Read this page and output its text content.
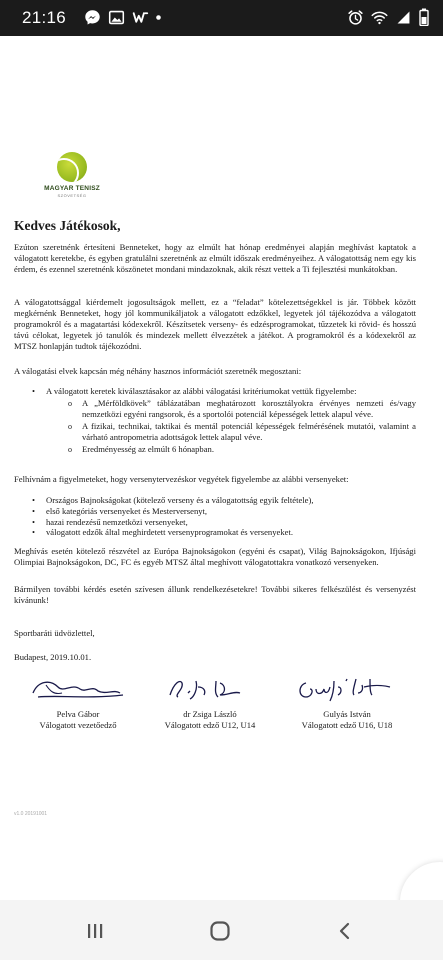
21:16
MAGYAR TENISZ
SZÖVETSÉG
Kedves Játékosok,

Ezúton szeretnénk értesíteni Benneteket, hogy az elmúlt hat hónap eredményei alapján meghívást kaptatok a válogatott keretekbe, és egyben gratulálni szeretnénk az elmúlt időszak eredményeihez. A válogatottság nem egy kis érdem, és ezennel szeretnénk köszönetet mondani mindazoknak, akik részt vettek a Ti fejlesztési munkátokban.

A válogatottsággal kiérdemelt jogosultságok mellett, ez a “feladat” kötelezettségekkel is jár. Többek között megkérnénk Benneteket, hogy jól kommunikáljatok a válogatott edzőkkel, legyetek jól tájékozódva a válogatott programokról és a magatartási kódexekről. Készítsetek verseny- és edzésprogramokat, tűzzetek ki rövid- és hosszú távú célokat, legyetek jó tanulók és mindezek mellett élvezzétek a játékot. A programokról és a kódexekről az MTSZ honlapján tudtok tájékozódni.

A válogatási elvek kapcsán még néhány hasznos információt szeretnék megosztani:

• A válogatott keretek kiválasztásakor az alábbi válogatási kritériumokat vettük figyelembe:
o A „Mérföldkövek” táblázatában meghatározott korosztályokra érvényes nemzeti és/vagy nemzetközi egyéni rangsorok, és a sportolói potenciál képességek lettek alapul véve.
o A fizikai, technikai, taktikai és mentál potenciál képességek felmérésének mutatói, valamint a várható antropometria adottságok lettek alapul véve.
o Eredményesség az elmúlt 6 hónapban.

Felhívnám a figyelmeteket, hogy versenytervezéskor vegyétek figyelembe az alábbi versenyeket:

• Országos Bajnokságokat (kötelező verseny és a válogatottság egyik feltétele),
• első kategóriás versenyeket és Mesterversenyt,
• hazai rendezésű nemzetközi versenyeket,
• válogatott edzők által meghirdetett versenyprogramokat és versenyeket.

Meghívás esetén kötelező részvétel az Európa Bajnokságokon (egyéni és csapat), Világ Bajnokságokon, Ifjúsági Olimpiai Bajnokságokon, DC, FC és egyéb MTSZ által meghívott válogatottakra vonatkozó versenyeken.

Bármilyen további kérdés esetén szívesen állunk rendelkezésetekre! További sikeres felkészülést és versenyzést kívánunk!

Sportbaráti üdvözlettel,

Budapest, 2019.10.01.

Pelva Gábor
Válogatott vezetőedző
dr Zsiga László
Válogatott edző U12, U14
Gulyás István
Válogatott edző U16, U18
v1.0 20191001
